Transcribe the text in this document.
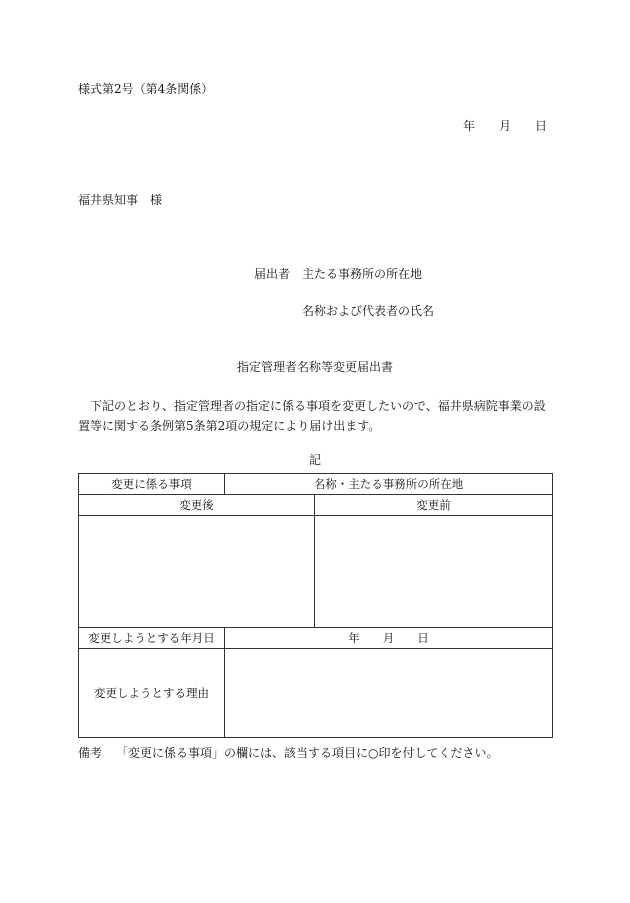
様式第2号（第4条関係）
年　　月　　日
福井県知事　様
届出者 主たる事務所の所在地
名称および代表者の氏名
指定管理者名称等変更届出書
下記のとおり、指定管理者の指定に係る事項を変更したいので、福井県病院事業の設置等に関する条例第5条第2項の規定により届け出ます。
記
変更に係る事項	名称・主たる事務所の所在地	
変更後		変更前

変更しようとする年月日	年　　月　　日	
変更しようとする理由		
備考 「変更に係る事項」の欄には、該当する項目に○印を付してください。
